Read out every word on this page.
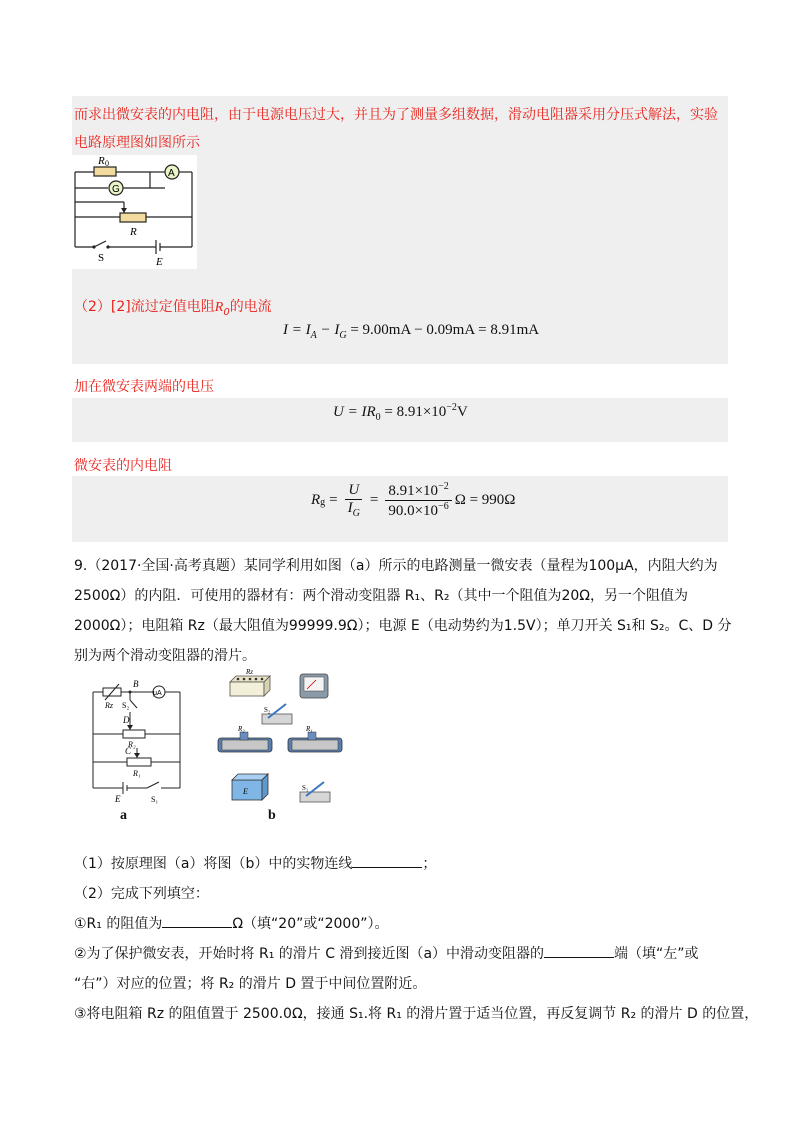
而求出微安表的内电阻，由于电源电压过大，并且为了测量多组数据，滑动电阻器采用分压式解法，实验
电路原理图如图所示
R 0
G
A
R
S	E
（2）[2]流过定值电阻$R_0$的电流
$I = I_A - I_G = 9.00mA - 0.09mA = 8.91mA$
加在微安表两端的电压
$U = IR_0 = 8.91\times 10^{-2}V$
微安表的内电阻
R $g = \frac{U}{I_G} = \frac{8.91\times 10^{-2}}{90.0\times 10^{-6}}$ Ω = 990Ω
9.（2017·全国·高考真题）某同学利用如图（a）所示的电路测量一微安表（量程为100μA，内阻大约为
2500Ω）的内阻．可使用的器材有：两个滑动变阻器 R₁、R₂（其中一个阻值为20Ω，另一个阻值为
2000Ω）；电阻箱 Rz（最大阻值为99999.9Ω）；电源 E（电动势约为1.5V）；单刀开关 S₁和 S₂。C、D 分
别为两个滑动变阻器的滑片。
Rz
B
μA
S₂
D
R₂
C
R₁
E	S₁
a
Rz
S₂
R₂	R₁
E	S₁
b
（1）按原理图（a）将图（b）中的实物连线	；
（2）完成下列填空：
①R₁ 的阻值为	Ω（填“20”或“2000”）。
②为了保护微安表，开始时将 R₁ 的滑片 C 滑到接近图（a）中滑动变阻器的	端（填“左”或
“右”）对应的位置；将 R₂ 的滑片 D 置于中间位置附近。
③将电阻箱 Rz 的阻值置于 2500.0Ω，接通 S₁.将 R₁ 的滑片置于适当位置，再反复调节 R₂ 的滑片 D 的位置，
